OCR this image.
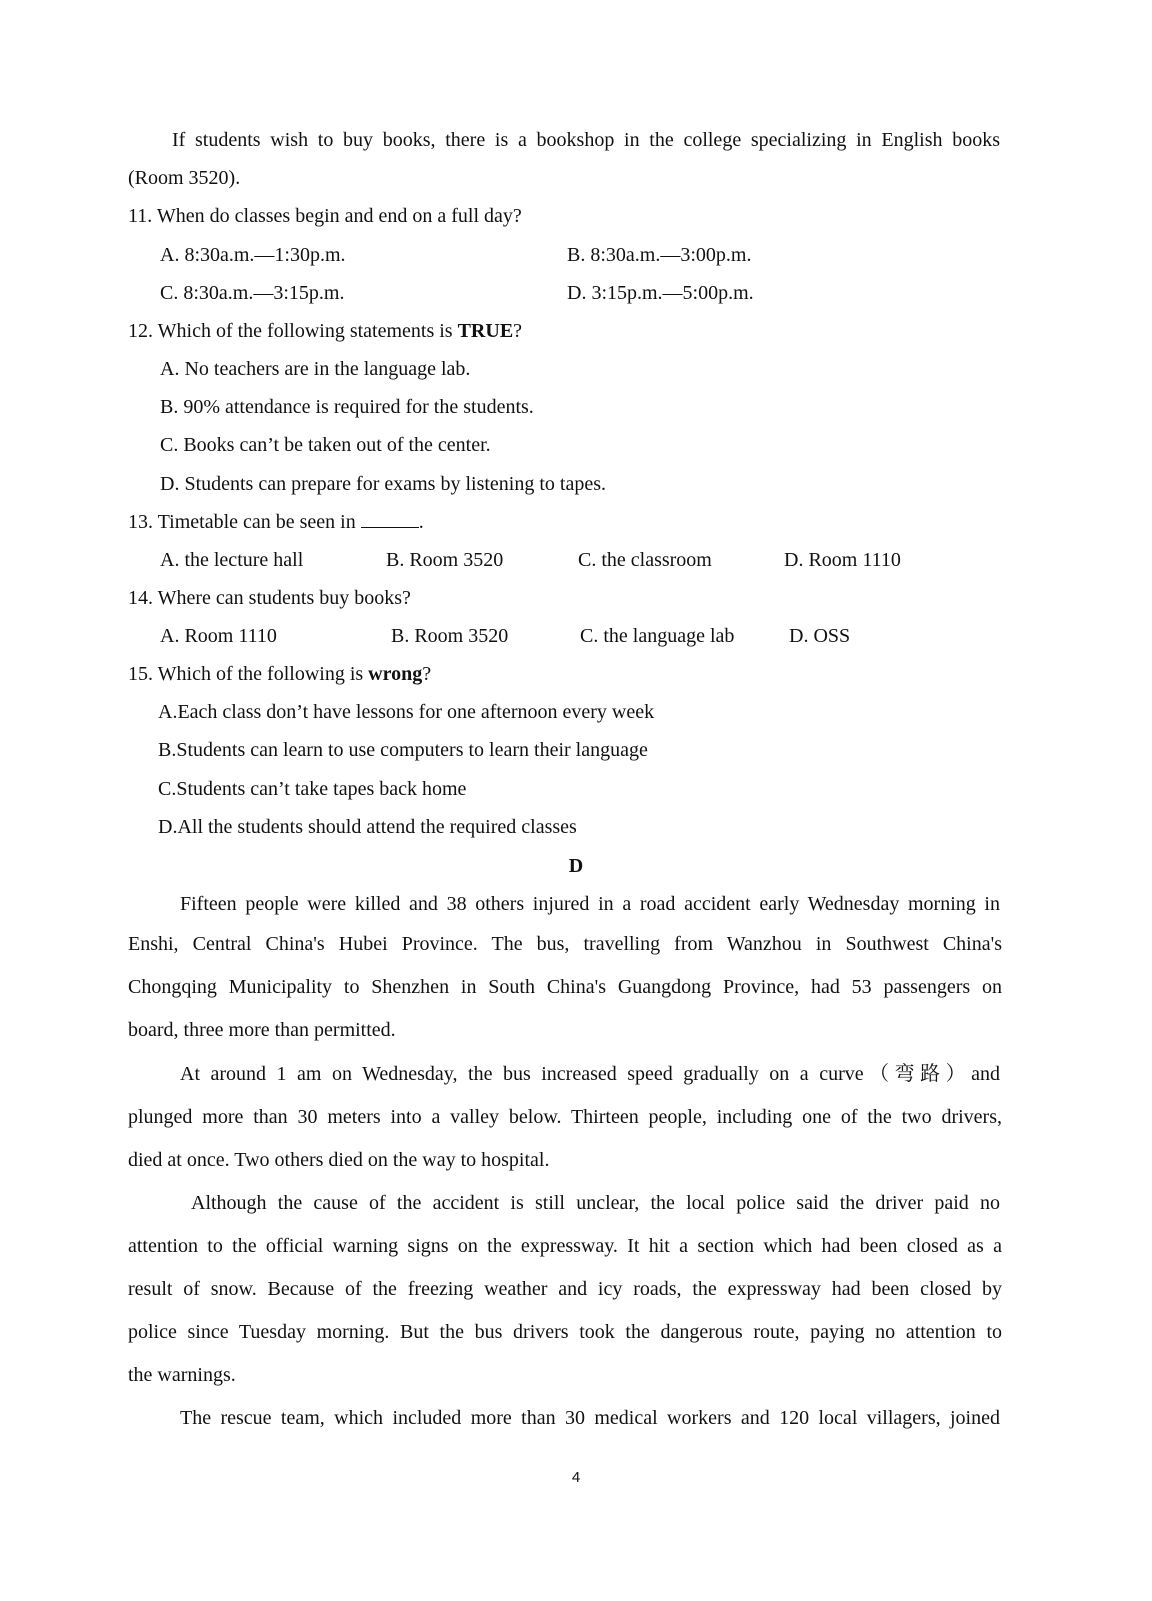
If students wish to buy books, there is a bookshop in the college specializing in English books
(Room 3520).
11. When do classes begin and end on a full day?
A. 8:30a.m.—1:30p.m.	B. 8:30a.m.—3:00p.m.
C. 8:30a.m.—3:15p.m.	D. 3:15p.m.—5:00p.m.
12. Which of the following statements is TRUE?
A. No teachers are in the language lab.
B. 90% attendance is required for the students.
C. Books can’t be taken out of the center.
D. Students can prepare for exams by listening to tapes.
13. Timetable can be seen in	.
A. the lecture hall	B. Room 3520	C. the classroom	D. Room 1110
14. Where can students buy books?
A. Room 1110	B. Room 3520	C. the language lab	D. OSS
15. Which of the following is wrong?
A.Each class don’t have lessons for one afternoon every week
B.Students can learn to use computers to learn their language
C.Students can’t take tapes back home
D.All the students should attend the required classes
D
Fifteen people were killed and 38 others injured in a road accident early Wednesday morning in
Enshi, Central China's Hubei Province. The bus, travelling from Wanzhou in Southwest China's
Chongqing Municipality to Shenzhen in South China's Guangdong Province, had 53 passengers on
board, three more than permitted.
At around 1 am on Wednesday, the bus increased speed gradually on a curve（弯路）and
plunged more than 30 meters into a valley below. Thirteen people, including one of the two drivers,
died at once. Two others died on the way to hospital.
Although the cause of the accident is still unclear, the local police said the driver paid no
attention to the official warning signs on the expressway. It hit a section which had been closed as a
result of snow. Because of the freezing weather and icy roads, the expressway had been closed by
police since Tuesday morning. But the bus drivers took the dangerous route, paying no attention to
the warnings.
The rescue team, which included more than 30 medical workers and 120 local villagers, joined
4
